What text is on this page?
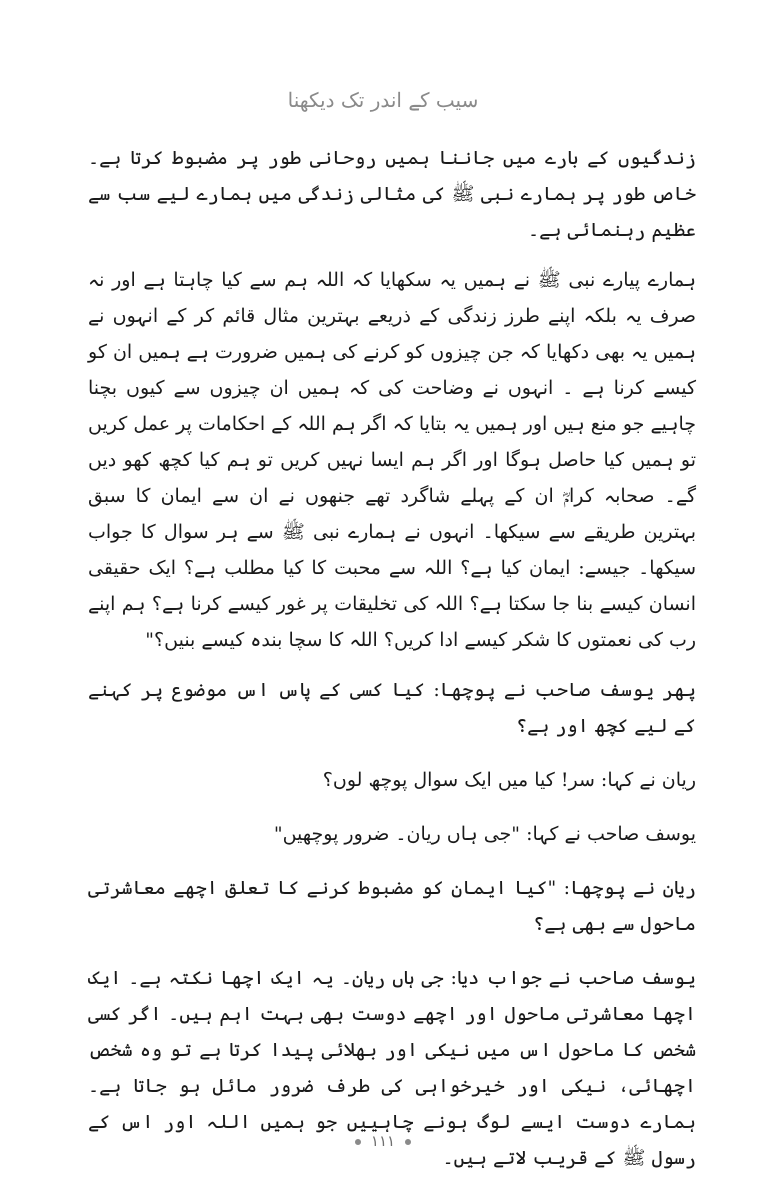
سیب کے اندر تک دیکھنا

زندگیوں کے بارے میں جاننا ہمیں روحانی طور پر مضبوط کرتا ہے۔ خاص طور پر ہمارے نبی ﷺ کی مثالی زندگی میں ہمارے لیے سب سے عظیم رہنمائی ہے۔

ہمارے پیارے نبی ﷺ نے ہمیں یہ سکھایا کہ اللہ ہم سے کیا چاہتا ہے اور نہ صرف یہ بلکہ اپنے طرز زندگی کے ذریعے بہترین مثال قائم کر کے انہوں نے ہمیں یہ بھی دکھایا کہ جن چیزوں کو کرنے کی ہمیں ضرورت ہے ہمیں ان کو کیسے کرنا ہے ۔ انہوں نے وضاحت کی کہ ہمیں ان چیزوں سے کیوں بچنا چاہیے جو منع ہیں اور ہمیں یہ بتایا کہ اگر ہم اللہ کے احکامات پر عمل کریں تو ہمیں کیا حاصل ہوگا اور اگر ہم ایسا نہیں کریں تو ہم کیا کچھ کھو دیں گے۔ صحابہ کرامؓ ان کے پہلے شاگرد تھے جنھوں نے ان سے ایمان کا سبق بہترین طریقے سے سیکھا۔ انہوں نے ہمارے نبی ﷺ سے ہر سوال کا جواب سیکھا۔ جیسے: ایمان کیا ہے؟ اللہ سے محبت کا کیا مطلب ہے؟ ایک حقیقی انسان کیسے بنا جا سکتا ہے؟ اللہ کی تخلیقات پر غور کیسے کرنا ہے؟ ہم اپنے رب کی نعمتوں کا شکر کیسے ادا کریں؟ اللہ کا سچا بندہ کیسے بنیں؟"

پھر یوسف صاحب نے پوچھا: کیا کسی کے پاس اس موضوع پر کہنے کے لیے کچھ اور ہے؟

ریان نے کہا: سر! کیا میں ایک سوال پوچھ لوں؟

یوسف صاحب نے کہا: "جی ہاں ریان۔ ضرور پوچھیں"

ریان نے پوچھا: "کیا ایمان کو مضبوط کرنے کا تعلق اچھے معاشرتی ماحول سے بھی ہے؟

یوسف صاحب نے جواب دیا: جی ہاں ریان۔ یہ ایک اچھا نکتہ ہے۔ ایک اچھا معاشرتی ماحول اور اچھے دوست بھی بہت اہم ہیں۔ اگر کسی شخص کا ماحول اس میں نیکی اور بھلائی پیدا کرتا ہے تو وہ شخص اچھائی، نیکی اور خیرخواہی کی طرف ضرور مائل ہو جاتا ہے۔ ہمارے دوست ایسے لوگ ہونے چاہییں جو ہمیں اللہ اور اس کے رسول ﷺ کے قریب لاتے ہیں۔

۱۱۱
